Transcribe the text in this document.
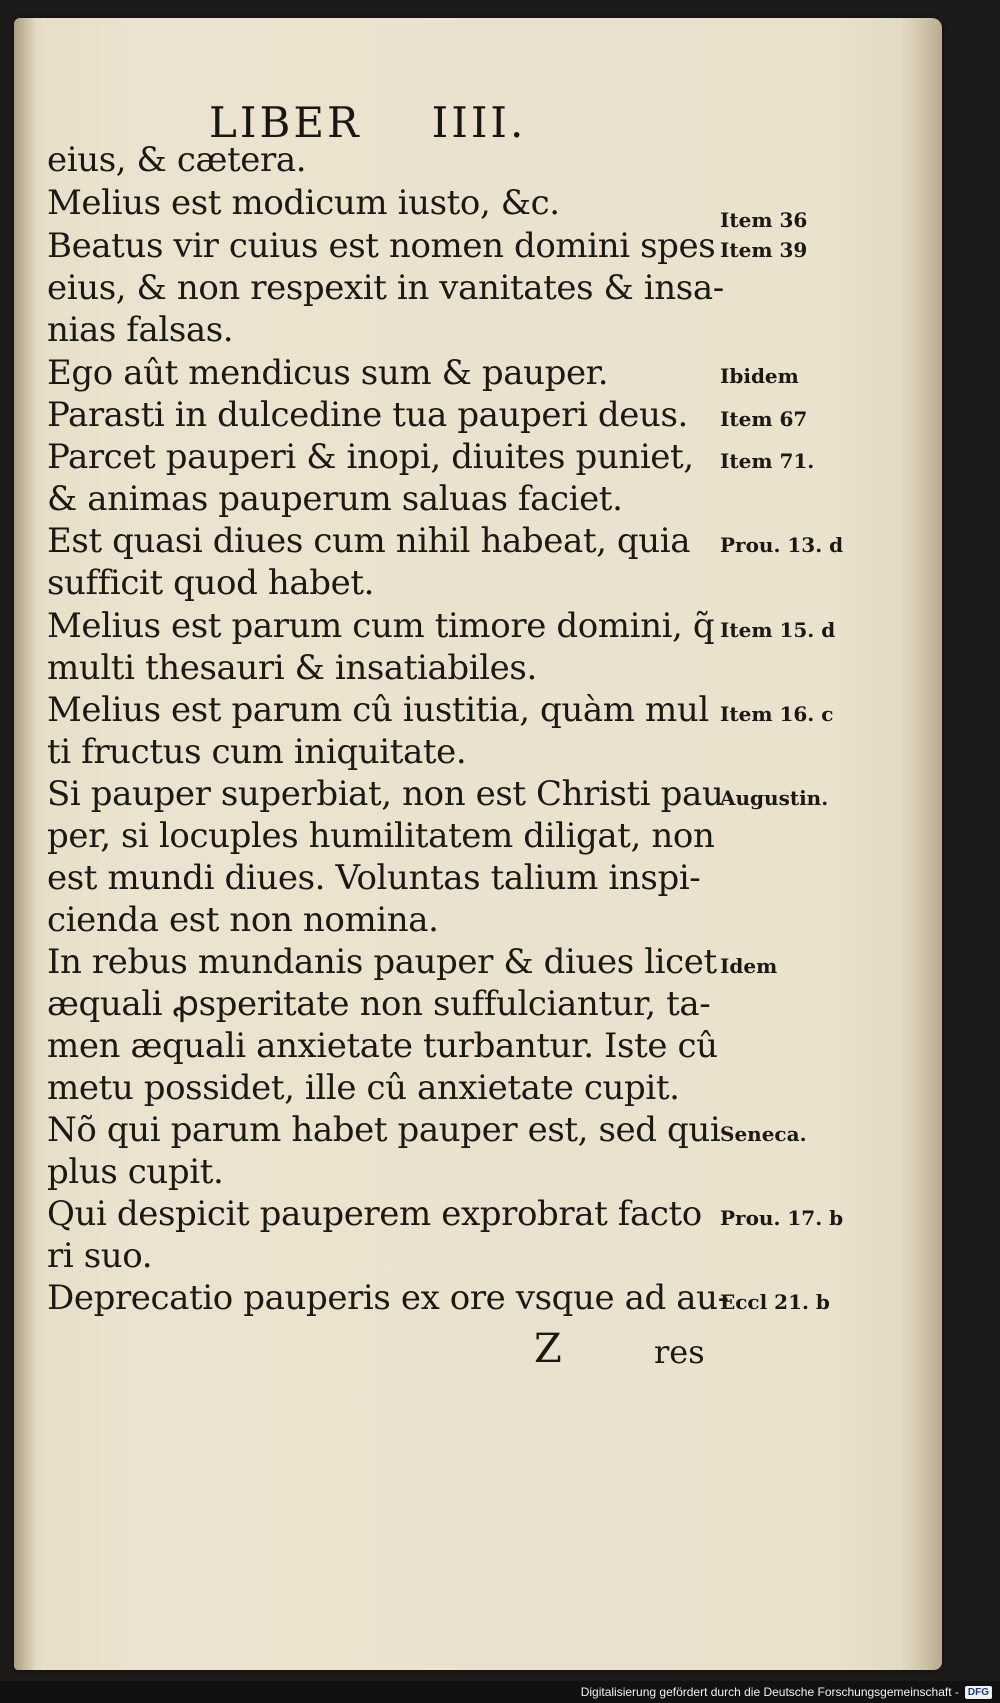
LIBER IIII.
eius, & cætera.
Melius est modicum iusto, &c.
Beatus vir cuius est nomen domini spes
eius, & non respexit in vanitates & insa-
nias falsas.
Ego aût mendicus sum & pauper.
Parasti in dulcedine tua pauperi deus.
Parcet pauperi & inopi, diuites puniet,
& animas pauperum saluas faciet.
Est quasi diues cum nihil habeat, quia
sufficit quod habet.
Melius est parum cum timore domini, q̃
multi thesauri & insatiabiles.
Melius est parum cû iustitia, quàm mul
ti fructus cum iniquitate.
Si pauper superbiat, non est Christi pau
per, si locuples humilitatem diligat, non
est mundi diues. Voluntas talium inspi-
cienda est non nomina.
In rebus mundanis pauper & diues licet
æquali ꝓsperitate non suffulciantur, ta-
men æquali anxietate turbantur. Iste cû
metu possidet, ille cû anxietate cupit.
Nõ qui parum habet pauper est, sed qui
plus cupit.
Qui despicit pauperem exprobrat facto
ri suo.
Deprecatio pauperis ex ore vsque ad au-
Item 36
Item 39
Ibidem
Item 67
Item 71.
Prou. 13. d
Item 15. d
Item 16. c
Augustin.
Idem
Seneca.
Prou. 17. b
Eccl 21. b
Z	res
Digitalisierung gefördert durch die Deutsche Forschungsgemeinschaft - DFG
